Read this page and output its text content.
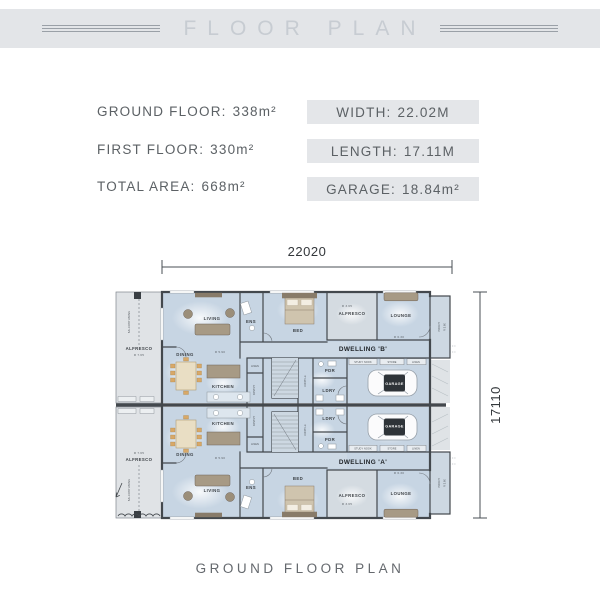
FLOOR PLAN
GROUND FLOOR: 338m²
FIRST FLOOR: 330m²
TOTAL AREA: 668m²
WIDTH: 22.02M
LENGTH: 17.11M
GARAGE: 18.84m²
22020
17110
LIVING
ENS
BED
ALFRESCO
R 3.65
LOUNGE
R 6.30
DINING	R 5.90
KITCHEN
LINEN
PANTRY
CORTILE
PDR
LDRY
GARAGE
STUDY NOOK	STORE	LINEN
DWELLING 'B'
PORCH R 3.60
ALFRESCO
R 7.65
BALCONY ABOVE
LIVING
ENS
BED
ALFRESCO
R 3.65
LOUNGE
R 6.30
DINING
R 5.90
KITCHEN
LINEN
PANTRY
CORTILE
PDR
LDRY
GARAGE
STUDY NOOK	STORE	LINEN
DWELLING 'A'
PORCH R 3.60
R 7.65
ALFRESCO
BALCONY ABOVE
GROUND FLOOR PLAN
